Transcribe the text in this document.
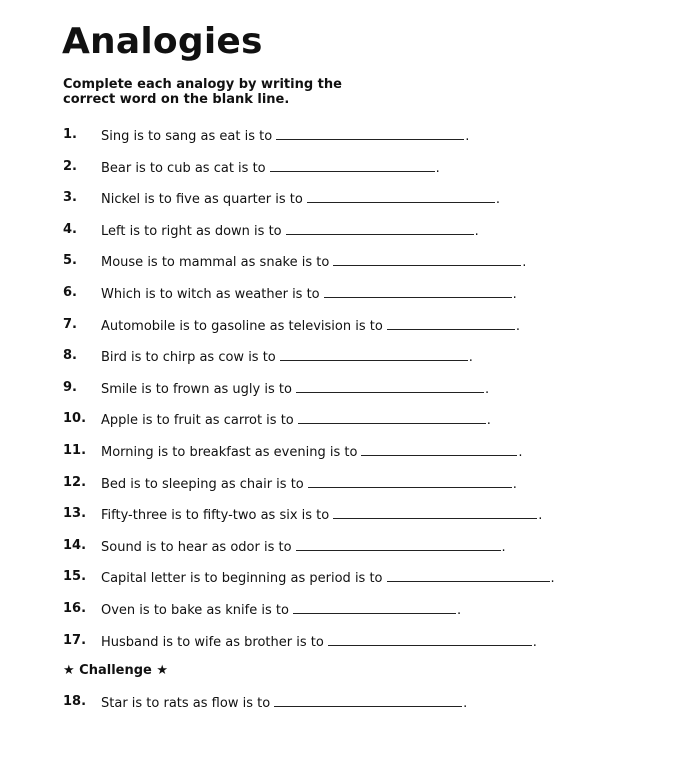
Analogies
Complete each analogy by writing the correct word on the blank line.
1.	Sing is to sang as eat is to	.
2.	Bear is to cub as cat is to	.
3.	Nickel is to five as quarter is to	.
4.	Left is to right as down is to	.
5.	Mouse is to mammal as snake is to	.
6.	Which is to witch as weather is to	.
7.	Automobile is to gasoline as television is to	.
8.	Bird is to chirp as cow is to	.
9.	Smile is to frown as ugly is to	.
10.	Apple is to fruit as carrot is to	.
11.	Morning is to breakfast as evening is to	.
12.	Bed is to sleeping as chair is to	.
13.	Fifty-three is to fifty-two as six is to	.
14.	Sound is to hear as odor is to	.
15.	Capital letter is to beginning as period is to	.
16.	Oven is to bake as knife is to	.
17.	Husband is to wife as brother is to	.
★ Challenge ★
18.	Star is to rats as flow is to	.
